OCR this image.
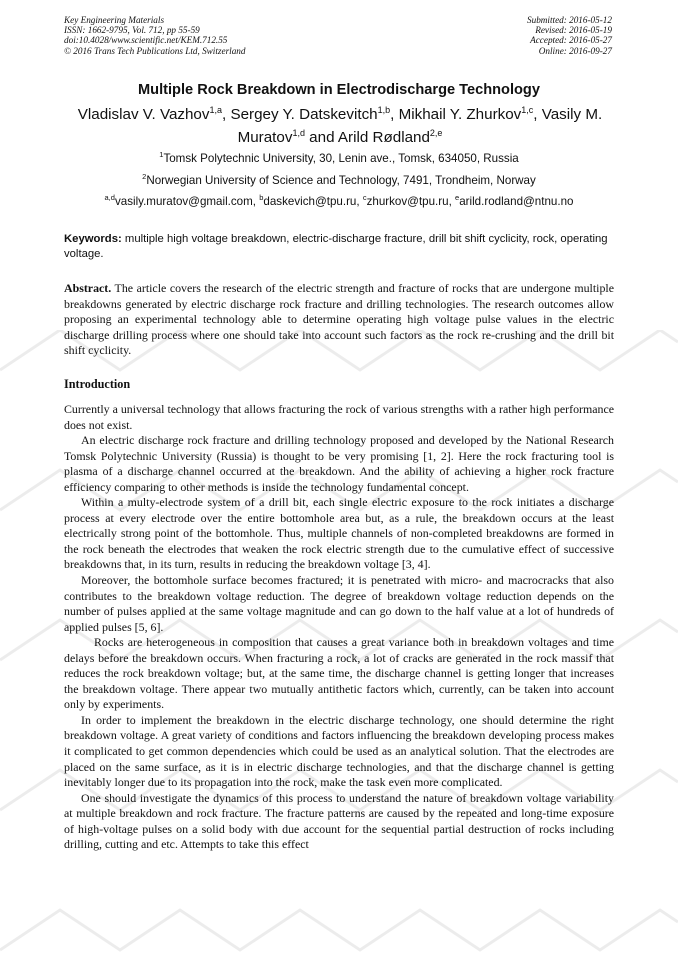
Key Engineering Materials
ISSN: 1662-9795, Vol. 712, pp 55-59
doi:10.4028/www.scientific.net/KEM.712.55
© 2016 Trans Tech Publications Ltd, Switzerland
Submitted: 2016-05-12
Revised: 2016-05-19
Accepted: 2016-05-27
Online: 2016-09-27
Multiple Rock Breakdown in Electrodischarge Technology
Vladislav V. Vazhov$^{1,a}$, Sergey Y. Datskevitch$^{1,b}$, Mikhail Y. Zhurkov$^{1,c}$, Vasily M. Muratov$^{1,d}$ and Arild Rødland$^{2,e}$
$^1$Tomsk Polytechnic University, 30, Lenin ave., Tomsk, 634050, Russia
$^2$Norwegian University of Science and Technology, 7491, Trondheim, Norway
$^{a,d}$vasily.muratov@gmail.com, $^b$daskevich@tpu.ru, $^c$zhurkov@tpu.ru, $^e$arild.rodland@ntnu.no
Keywords: multiple high voltage breakdown, electric-discharge fracture, drill bit shift cyclicity, rock, operating voltage.

Abstract. The article covers the research of the electric strength and fracture of rocks that are undergone multiple breakdowns generated by electric discharge rock fracture and drilling technologies. The research outcomes allow proposing an experimental technology able to determine operating high voltage pulse values in the electric discharge drilling process where one should take into account such factors as the rock re-crushing and the drill bit shift cyclicity.

Introduction

Currently a universal technology that allows fracturing the rock of various strengths with a rather high performance does not exist.

An electric discharge rock fracture and drilling technology proposed and developed by the National Research Tomsk Polytechnic University (Russia) is thought to be very promising [1, 2]. Here the rock fracturing tool is plasma of a discharge channel occurred at the breakdown. And the ability of achieving a higher rock fracture efficiency comparing to other methods is inside the technology fundamental concept.

Within a multy-electrode system of a drill bit, each single electric exposure to the rock initiates a discharge process at every electrode over the entire bottomhole area but, as a rule, the breakdown occurs at the least electrically strong point of the bottomhole. Thus, multiple channels of non-completed breakdowns are formed in the rock beneath the electrodes that weaken the rock electric strength due to the cumulative effect of successive breakdowns that, in its turn, results in reducing the breakdown voltage [3, 4].

Moreover, the bottomhole surface becomes fractured; it is penetrated with micro- and macrocracks that also contributes to the breakdown voltage reduction. The degree of breakdown voltage reduction depends on the number of pulses applied at the same voltage magnitude and can go down to the half value at a lot of hundreds of applied pulses [5, 6].

Rocks are heterogeneous in composition that causes a great variance both in breakdown voltages and time delays before the breakdown occurs. When fracturing a rock, a lot of cracks are generated in the rock massif that reduces the rock breakdown voltage; but, at the same time, the discharge channel is getting longer that increases the breakdown voltage. There appear two mutually antithetic factors which, currently, can be taken into account only by experiments.

In order to implement the breakdown in the electric discharge technology, one should determine the right breakdown voltage. A great variety of conditions and factors influencing the breakdown developing process makes it complicated to get common dependencies which could be used as an analytical solution. That the electrodes are placed on the same surface, as it is in electric discharge technologies, and that the discharge channel is getting inevitably longer due to its propagation into the rock, make the task even more complicated.

One should investigate the dynamics of this process to understand the nature of breakdown voltage variability at multiple breakdown and rock fracture. The fracture patterns are caused by the repeated and long-time exposure of high-voltage pulses on a solid body with due account for the sequential partial destruction of rocks including drilling, cutting and etc. Attempts to take this effect
